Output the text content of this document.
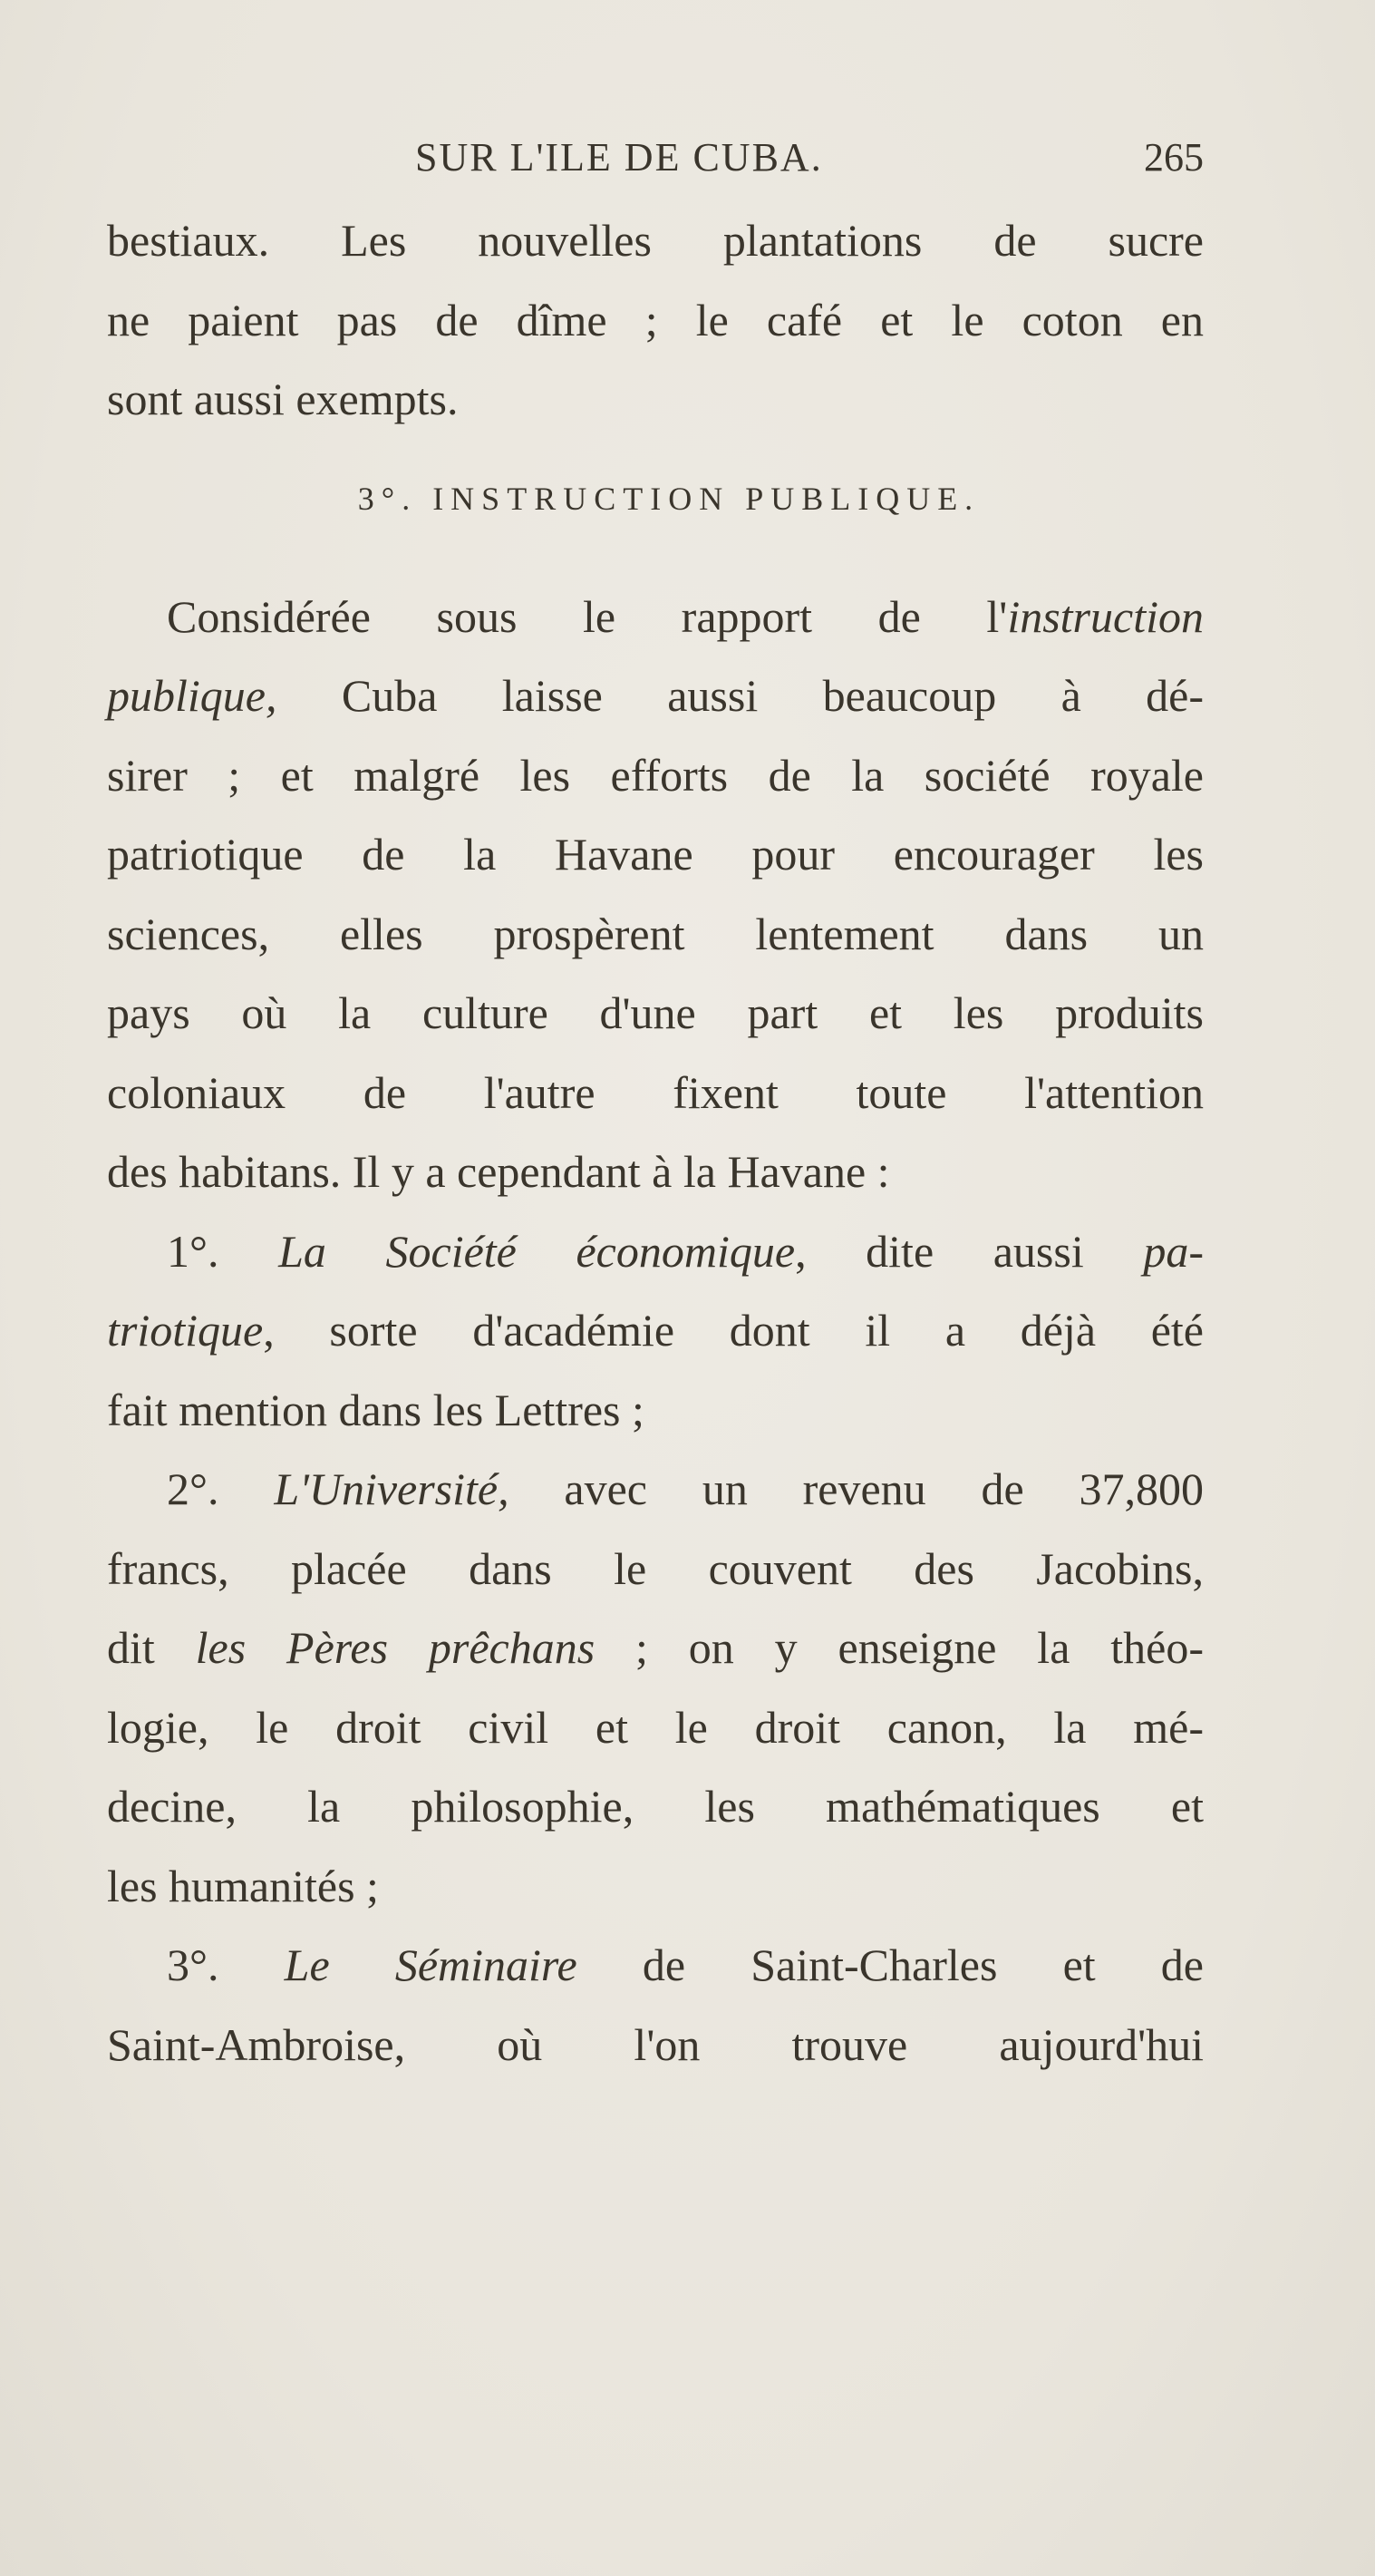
SUR L'ILE DE CUBA.	265
bestiaux. Les nouvelles plantations de sucre
ne paient pas de dîme ; le café et le coton en
sont aussi exempts.
3°. INSTRUCTION PUBLIQUE.
Considérée sous le rapport de l'instruction
publique, Cuba laisse aussi beaucoup à dé-
sirer ; et malgré les efforts de la société royale
patriotique de la Havane pour encourager les
sciences, elles prospèrent lentement dans un
pays où la culture d'une part et les produits
coloniaux de l'autre fixent toute l'attention
des habitans. Il y a cependant à la Havane :
1°. La Société économique, dite aussi pa-
triotique, sorte d'académie dont il a déjà été
fait mention dans les Lettres ;
2°. L'Université, avec un revenu de 37,800
francs, placée dans le couvent des Jacobins,
dit les Pères prêchans ; on y enseigne la théo-
logie, le droit civil et le droit canon, la mé-
decine, la philosophie, les mathématiques et
les humanités ;
3°. Le Séminaire de Saint-Charles et de
Saint-Ambroise, où l'on trouve aujourd'hui
